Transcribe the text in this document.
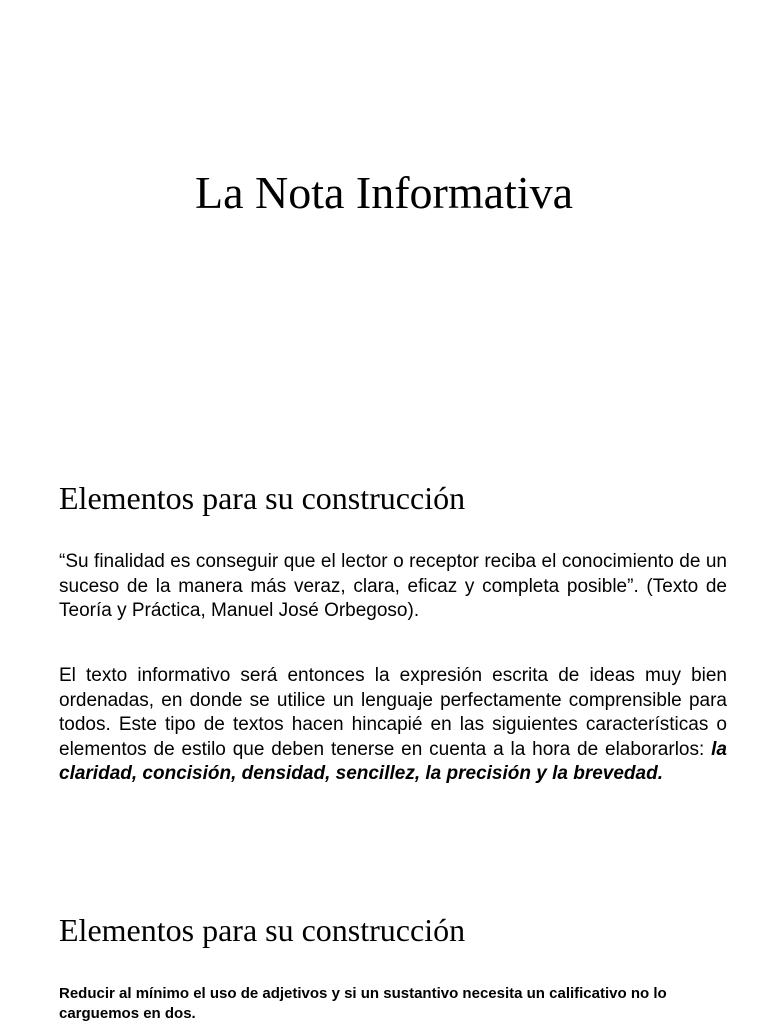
La Nota Informativa
Elementos para su construcción

“Su finalidad es conseguir que el lector o receptor reciba el conocimiento de un suceso de la manera más veraz, clara, eficaz y completa posible”. (Texto de Teoría y Práctica, Manuel José Orbegoso).

El texto informativo será entonces la expresión escrita de ideas muy bien ordenadas, en donde se utilice un lenguaje perfectamente comprensible para todos. Este tipo de textos hacen hincapié en las siguientes características o elementos de estilo que deben tenerse en cuenta a la hora de elaborarlos: la claridad, concisión, densidad, sencillez, la precisión y la brevedad.

Elementos para su construcción

Reducir al mínimo el uso de adjetivos y si un sustantivo necesita un calificativo no lo carguemos en dos.
